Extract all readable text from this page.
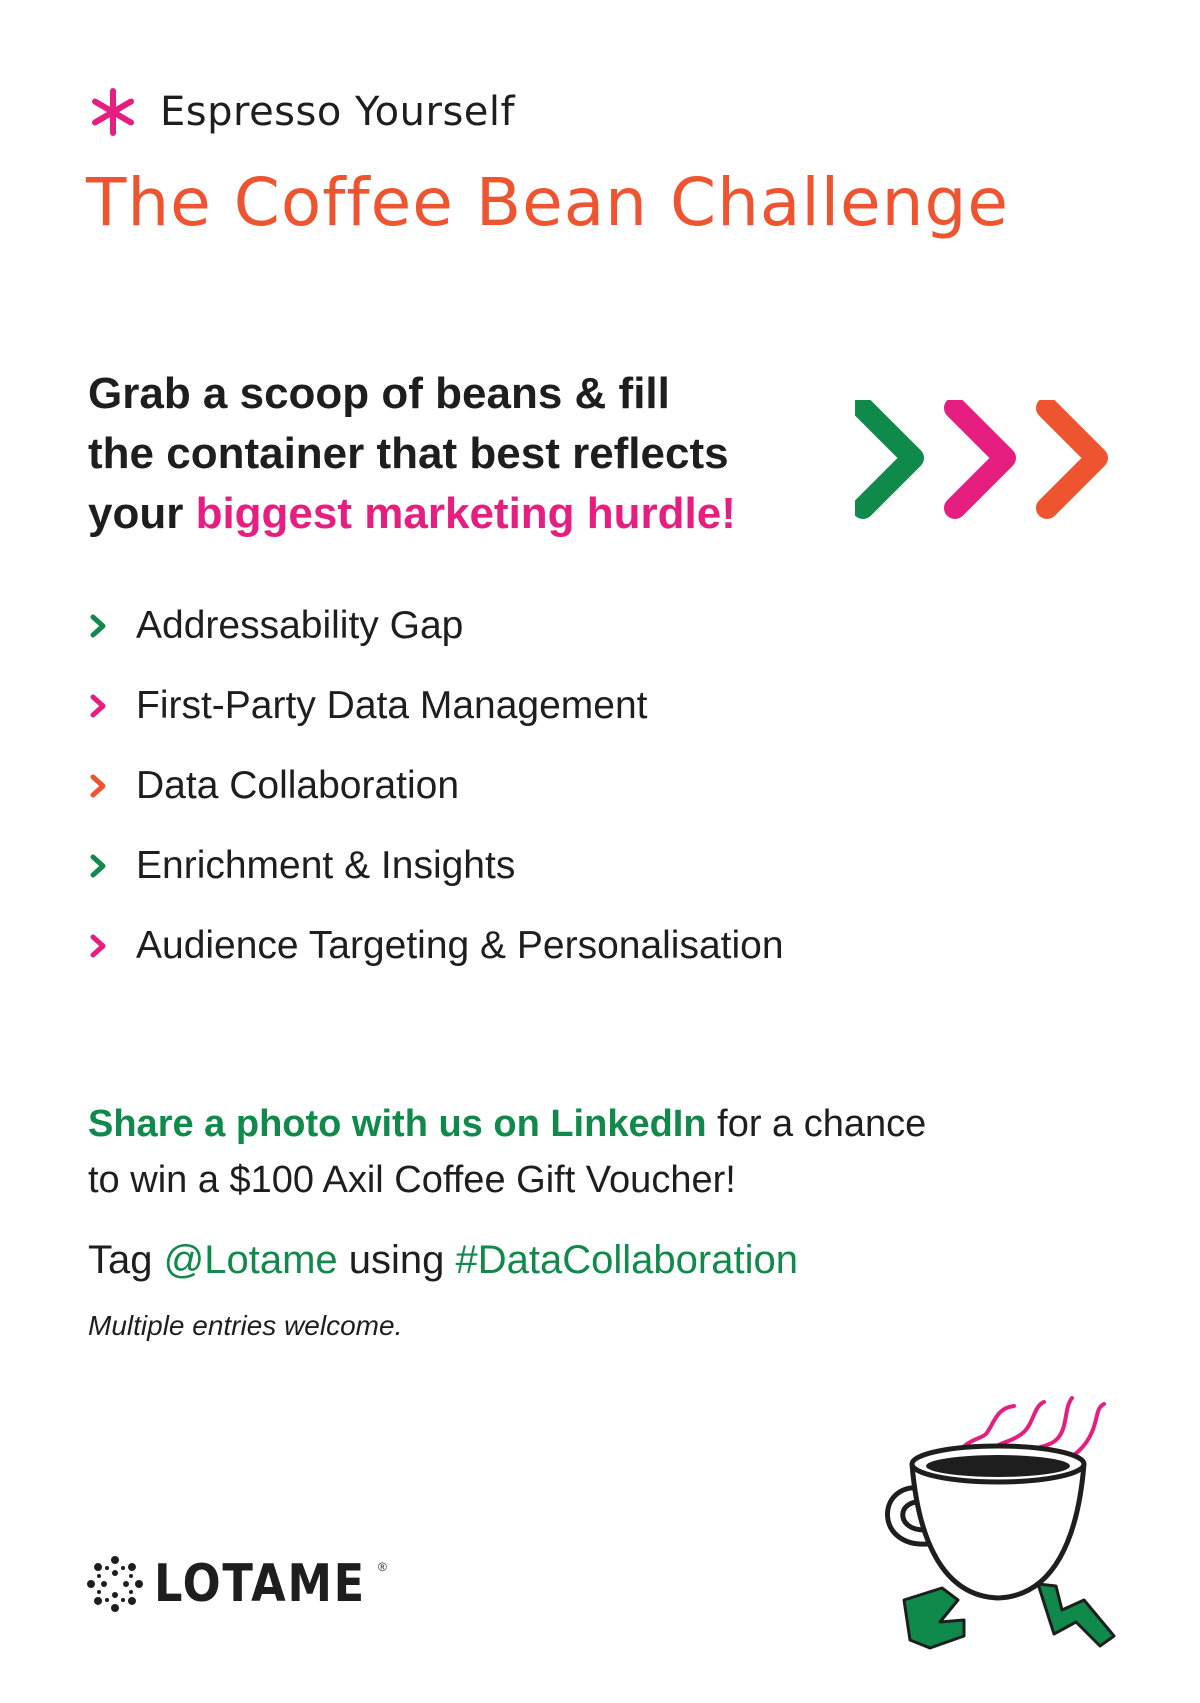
Espresso Yourself
The Coffee Bean Challenge

Grab a scoop of beans & fill
the container that best reflects
your biggest marketing hurdle!

Addressability Gap
First-Party Data Management
Data Collaboration
Enrichment & Insights
Audience Targeting & Personalisation

Share a photo with us on LinkedIn for a chance
to win a $100 Axil Coffee Gift Voucher!

Tag @Lotame using #DataCollaboration

Multiple entries welcome.

LOTAME ®
